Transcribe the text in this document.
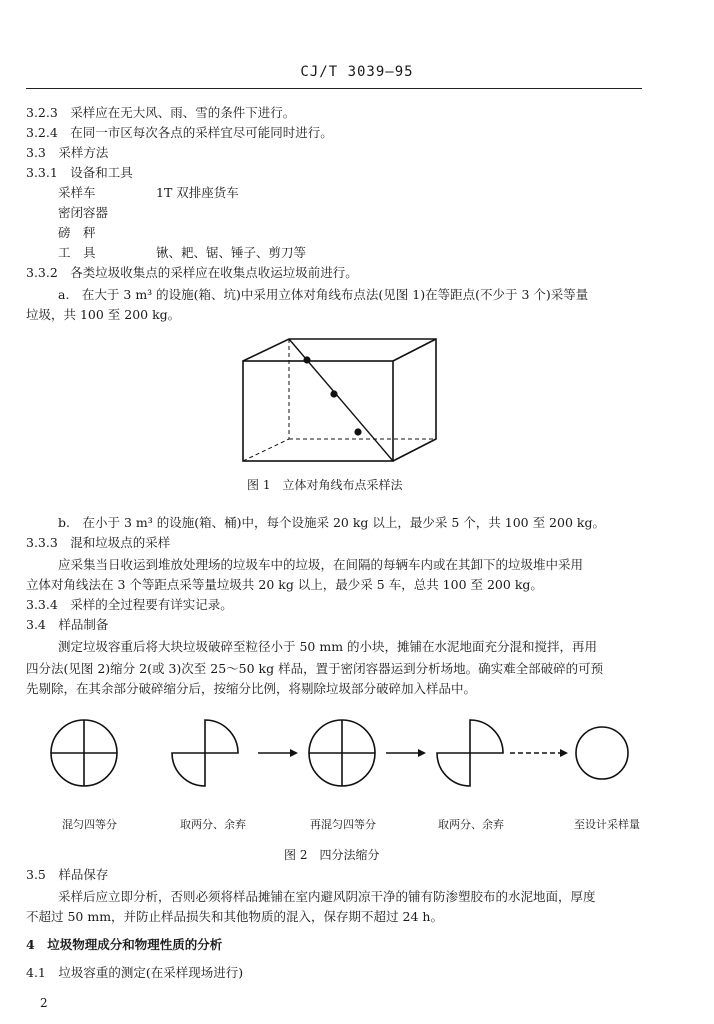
CJ/T 3039—95
3.2.3　采样应在无大风、雨、雪的条件下进行。
3.2.4　在同一市区每次各点的采样宜尽可能同时进行。
3.3　采样方法
3.3.1　设备和工具
采样车	1T 双排座货车
密闭容器
磅　秤
工　具	锹、耙、锯、锤子、剪刀等
3.3.2　各类垃圾收集点的采样应在收集点收运垃圾前进行。
a.　在大于 3 m³ 的设施(箱、坑)中采用立体对角线布点法(见图 1)在等距点(不少于 3 个)采等量
垃圾，共 100 至 200 kg。
图 1　立体对角线布点采样法
b.　在小于 3 m³ 的设施(箱、桶)中，每个设施采 20 kg 以上，最少采 5 个，共 100 至 200 kg。
3.3.3　混和垃圾点的采样
应采集当日收运到堆放处理场的垃圾车中的垃圾，在间隔的每辆车内或在其卸下的垃圾堆中采用
立体对角线法在 3 个等距点采等量垃圾共 20 kg 以上，最少采 5 车，总共 100 至 200 kg。
3.3.4　采样的全过程要有详实记录。
3.4　样品制备
测定垃圾容重后将大块垃圾破碎至粒径小于 50 mm 的小块，摊铺在水泥地面充分混和搅拌，再用
四分法(见图 2)缩分 2(或 3)次至 25～50 kg 样品，置于密闭容器运到分析场地。确实难全部破碎的可预
先剔除，在其余部分破碎缩分后，按缩分比例，将剔除垃圾部分破碎加入样品中。
混匀四等分	取两分、余弃	再混匀四等分	取两分、余弃	至设计采样量
图 2　四分法缩分
3.5　样品保存
采样后应立即分析，否则必须将样品摊铺在室内避风阴凉干净的铺有防渗塑胶布的水泥地面，厚度
不超过 50 mm，并防止样品损失和其他物质的混入，保存期不超过 24 h。
4　垃圾物理成分和物理性质的分析
4.1　垃圾容重的测定(在采样现场进行)
2
